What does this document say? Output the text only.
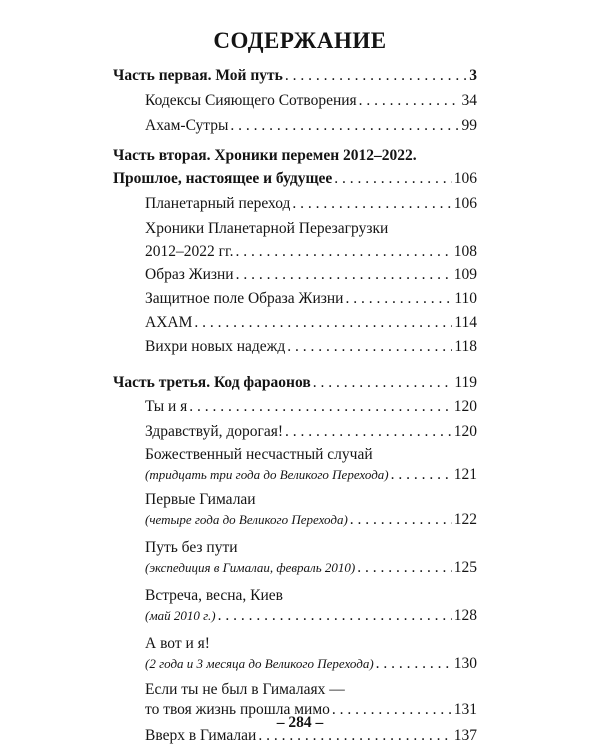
СОДЕРЖАНИЕ
Часть первая. Мой путь . . .	3
Кодексы Сияющего Сотворения . . .	34
Ахам-Сутры . . .	99
Часть вторая. Хроники перемен 2012–2022.
Прошлое, настоящее и будущее . . .	106
Планетарный переход . . .	106
Хроники Планетарной Перезагрузки
2012–2022 гг. . . .	108
Образ Жизни . . .	109
Защитное поле Образа Жизни . . .	110
АХАМ . . .	114
Вихри новых надежд . . .	118
Часть третья. Код фараонов . . .	119
Ты и я . . .	120
Здравствуй, дорогая! . . .	120
Божественный несчастный случай
(тридцать три года до Великого Перехода) . . .	121
Первые Гималаи
(четыре года до Великого Перехода) . . .	122
Путь без пути
(экспедиция в Гималаи, февраль 2010) . . .	125
Встреча, весна, Киев
(май 2010 г.) . . .	128
А вот и я!
(2 года и 3 месяца до Великого Перехода) . . .	130
Если ты не был в Гималаях —
то твоя жизнь прошла мимо . . .	131
Вверх в Гималаи . . .	137
– 284 –
